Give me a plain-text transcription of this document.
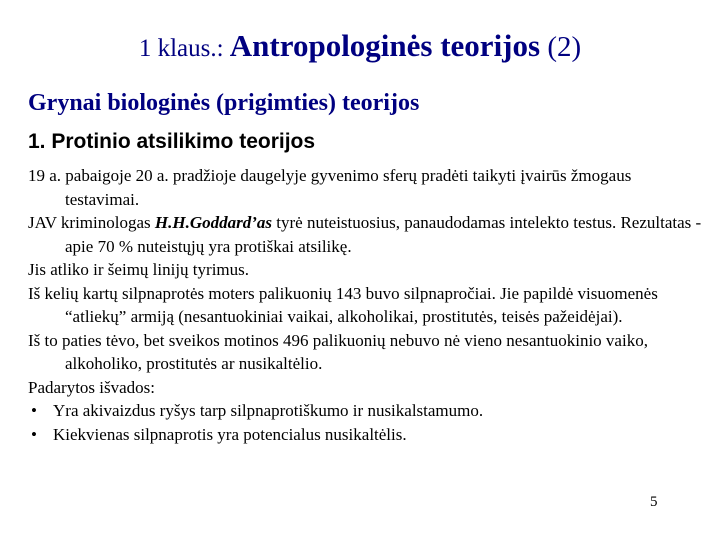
1 klaus.: Antropologinės teorijos (2)
Grynai biologinės (prigimties) teorijos
1. Protinio atsilikimo teorijos

19 a. pabaigoje 20 a. pradžioje daugelyje gyvenimo sferų pradėti taikyti įvairūs žmogaus testavimai.

JAV kriminologas H.H.Goddard’as tyrė nuteistuosius, panaudodamas intelekto testus. Rezultatas - apie 70 % nuteistųjų yra protiškai atsilikę.

Jis atliko ir šeimų linijų tyrimus.

Iš kelių kartų silpnaprotės moters palikuonių 143 buvo silpnapročiai. Jie papildė visuomenės “atliekų” armiją (nesantuokiniai vaikai, alkoholikai, prostitutės, teisės pažeidėjai).

Iš to paties tėvo, bet sveikos motinos 496 palikuonių nebuvo nė vieno nesantuokinio vaiko, alkoholiko, prostitutės ar nusikaltėlio.

Padarytos išvados:

• Yra akivaizdus ryšys tarp silpnaprotiškumo ir nusikalstamumo.

• Kiekvienas silpnaprotis yra potencialus nusikaltėlis.

5
